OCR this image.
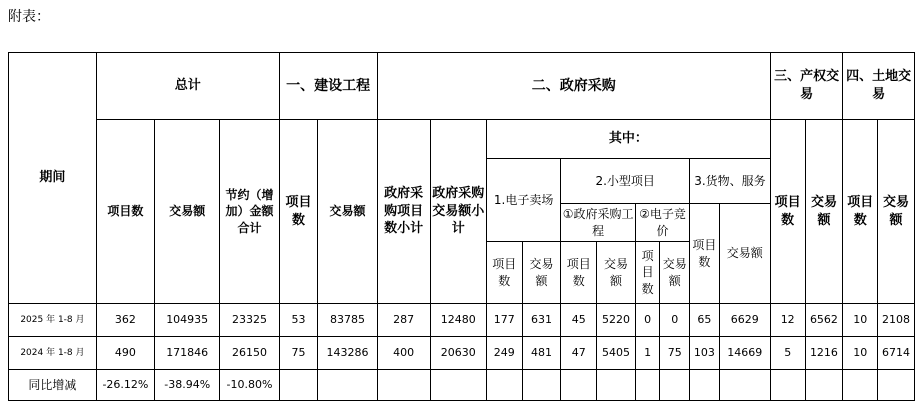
附表：
期间	总计			一、建设工程		二、政府采购										三、产权交易		四、土地交易	
	项目数	交易额	节约（增加）金额合计	项目数	交易额	政府采购项目数小计	政府采购交易额小计	其中：								项目数	交易额	项目数	交易额
								1.电子卖场		2.小型项目				3.货物、服务					
										①政府采购工程		②电子竞价		项目数	交易额				
								项目数	交易额	项目数	交易额	项目数	交易额						
2025 年 1-8 月	362	104935	23325	53	83785	287	12480	177	631	45	5220	0	0	65	6629	12	6562	10	2108
2024 年 1-8 月	490	171846	26150	75	143286	400	20630	249	481	47	5405	1	75	103	14669	5	1216	10	6714
同比增减	-26.12%	-38.94%	-10.80%																
